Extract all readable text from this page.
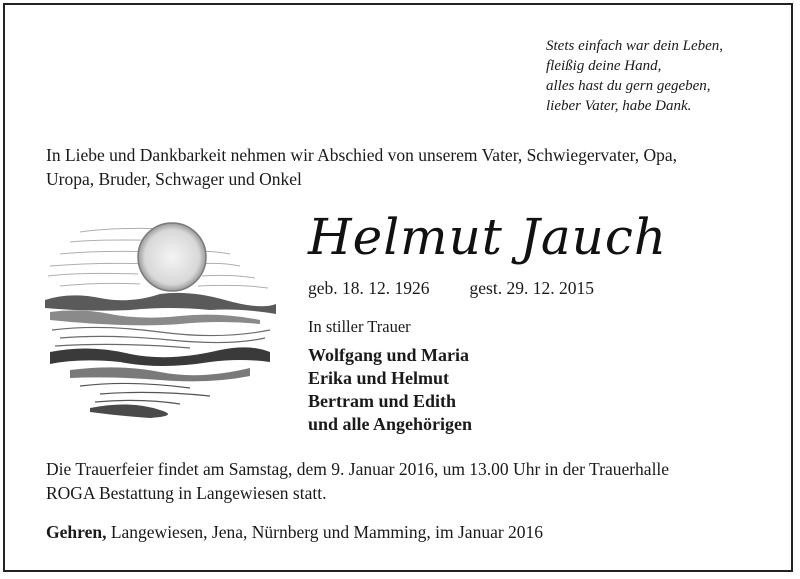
Stets einfach war dein Leben,
fleißig deine Hand,
alles hast du gern gegeben,
lieber Vater, habe Dank.
In Liebe und Dankbarkeit nehmen wir Abschied von unserem Vater, Schwiegervater, Opa,
Uropa, Bruder, Schwager und Onkel
Helmut Jauch
geb. 18. 12. 1926 gest. 29. 12. 2015
In stiller Trauer
Wolfgang und Maria
Erika und Helmut
Bertram und Edith
und alle Angehörigen
Die Trauerfeier findet am Samstag, dem 9. Januar 2016, um 13.00 Uhr in der Trauerhalle
ROGA Bestattung in Langewiesen statt.
Gehren, Langewiesen, Jena, Nürnberg und Mamming, im Januar 2016
